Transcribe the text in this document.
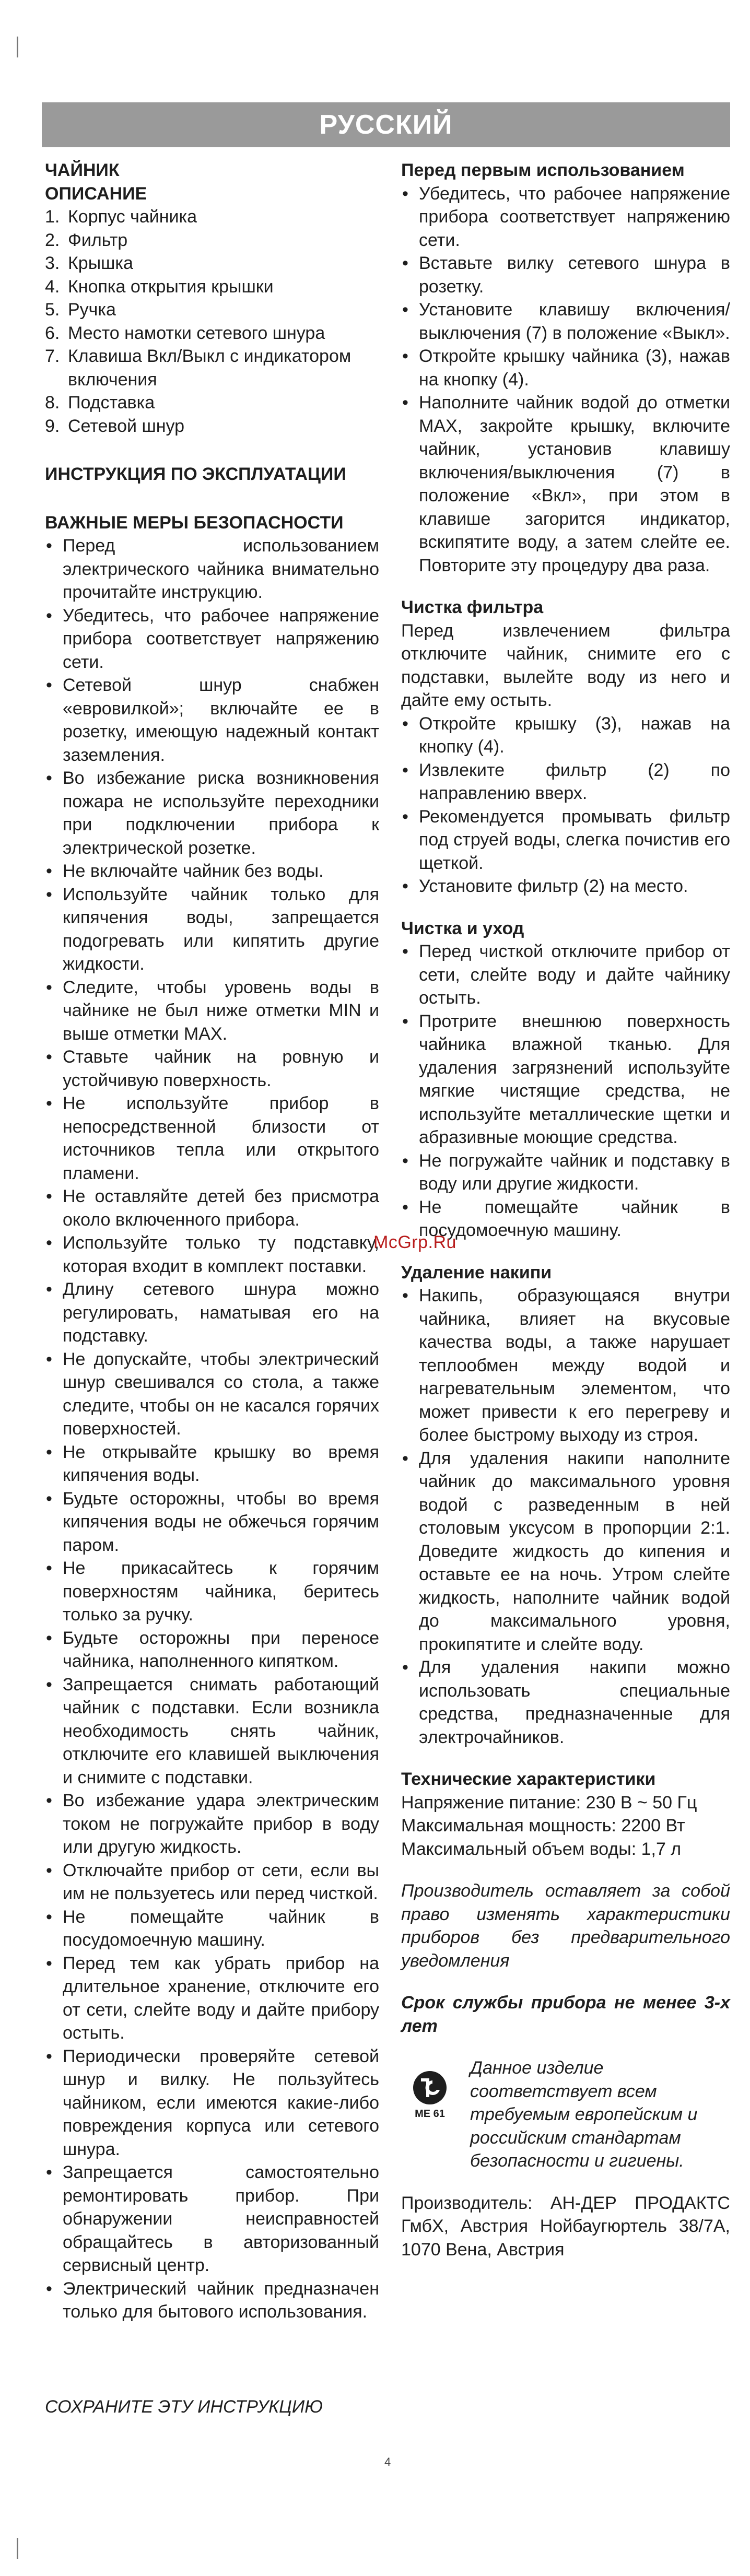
РУССКИЙ
ЧАЙНИК
ОПИСАНИЕ
1. Корпус чайника
2. Фильтр
3. Крышка
4. Кнопка открытия крышки
5. Ручка
6. Место намотки сетевого шнура
7. Клавиша Вкл/Выкл с индикатором включения
8. Подставка
9. Сетевой шнур
ИНСТРУКЦИЯ ПО ЭКСПЛУАТАЦИИ
ВАЖНЫЕ МЕРЫ БЕЗОПАСНОСТИ
• Перед использованием электрического чайника внимательно прочитайте инструкцию.
• Убедитесь, что рабочее напряжение прибора соответствует напряжению сети.
• Сетевой шнур снабжен «евровилкой»; включайте ее в розетку, имеющую надежный контакт заземления.
• Во избежание риска возникновения пожара не используйте переходники при подключении прибора к электрической розетке.
• Не включайте чайник без воды.
• Используйте чайник только для кипячения воды, запрещается подогревать или кипятить другие жидкости.
• Следите, чтобы уровень воды в чайнике не был ниже отметки MIN и выше отметки MAX.
• Ставьте чайник на ровную и устойчивую поверхность.
• Не используйте прибор в непосредственной близости от источников тепла или открытого пламени.
• Не оставляйте детей без присмотра около включенного прибора.
• Используйте только ту подставку, которая входит в комплект поставки.
• Длину сетевого шнура можно регулировать, наматывая его на подставку.
• Не допускайте, чтобы электрический шнур свешивался со стола, а также следите, чтобы он не касался горячих поверхностей.
• Не открывайте крышку во время кипячения воды.
• Будьте осторожны, чтобы во время кипячения воды не обжечься горячим паром.
• Не прикасайтесь к горячим поверхностям чайника, беритесь только за ручку.
• Будьте осторожны при переносе чайника, наполненного кипятком.
• Запрещается снимать работающий чайник с подставки. Если возникла необходимость снять чайник, отключите его клавишей выключения и снимите с подставки.
• Во избежание удара электрическим током не погружайте прибор в воду или другую жидкость.
• Отключайте прибор от сети, если вы им не пользуетесь или перед чисткой.
• Не помещайте чайник в посудомоечную машину.
• Перед тем как убрать прибор на длительное хранение, отключите его от сети, слейте воду и дайте прибору остыть.
• Периодически проверяйте сетевой шнур и вилку. Не пользуйтесь чайником, если имеются какие-либо повреждения корпуса или сетевого шнура.
• Запрещается самостоятельно ремонтировать прибор. При обнаружении неисправностей обращайтесь в авторизованный сервисный центр.
• Электрический чайник предназначен только для бытового использования.
СОХРАНИТЕ ЭТУ ИНСТРУКЦИЮ
Перед первым использованием
• Убедитесь, что рабочее напряжение прибора соответствует напряжению сети.
• Вставьте вилку сетевого шнура в розетку.
• Установите клавишу включения/выключения (7) в положение «Выкл».
• Откройте крышку чайника (3), нажав на кнопку (4).
• Наполните чайник водой до отметки MAX, закройте крышку, включите чайник, установив клавишу включения/выключения (7) в положение «Вкл», при этом в клавише загорится индикатор, вскипятите воду, а затем слейте ее. Повторите эту процедуру два раза.
Чистка фильтра

Перед извлечением фильтра отключите чайник, снимите его с подставки, вылейте воду из него и дайте ему остыть.

• Откройте крышку (3), нажав на кнопку (4).
• Извлеките фильтр (2) по направлению вверх.
• Рекомендуется промывать фильтр под струей воды, слегка почистив его щеткой.
• Установите фильтр (2) на место.
Чистка и уход
• Перед чисткой отключите прибор от сети, слейте воду и дайте чайнику остыть.
• Протрите внешнюю поверхность чайника влажной тканью. Для удаления загрязнений используйте мягкие чистящие средства, не используйте металлические щетки и абразивные моющие средства.
• Не погружайте чайник и подставку в воду или другие жидкости.
• Не помещайте чайник в посудомоечную машину.
Удаление накипи
• Накипь, образующаяся внутри чайника, влияет на вкусовые качества воды, а также нарушает теплообмен между водой и нагревательным элементом, что может привести к его перегреву и более быстрому выходу из строя.
• Для удаления накипи наполните чайник до максимального уровня водой с разведенным в ней столовым уксусом в пропорции 2:1. Доведите жидкость до кипения и оставьте ее на ночь. Утром слейте жидкость, наполните чайник водой до максимального уровня, прокипятите и слейте воду.
• Для удаления накипи можно использовать специальные средства, предназначенные для электрочайников.
Технические характеристики
Напряжение питание: 230 В ~ 50 Гц
Максимальная мощность: 2200 Вт
Максимальный объем воды: 1,7 л

Производитель оставляет за собой право изменять характеристики приборов без предварительного уведомления

Срок службы прибора не менее 3-х лет

ME 61
Данное изделие соответствует всем требуемым европейским и российским стандартам безопасности и гигиены.

Производитель: АН-ДЕР ПРОДАКТС ГмбХ, Австрия Нойбаугюртель 38/7А, 1070 Вена, Австрия

McGrp.Ru
4
